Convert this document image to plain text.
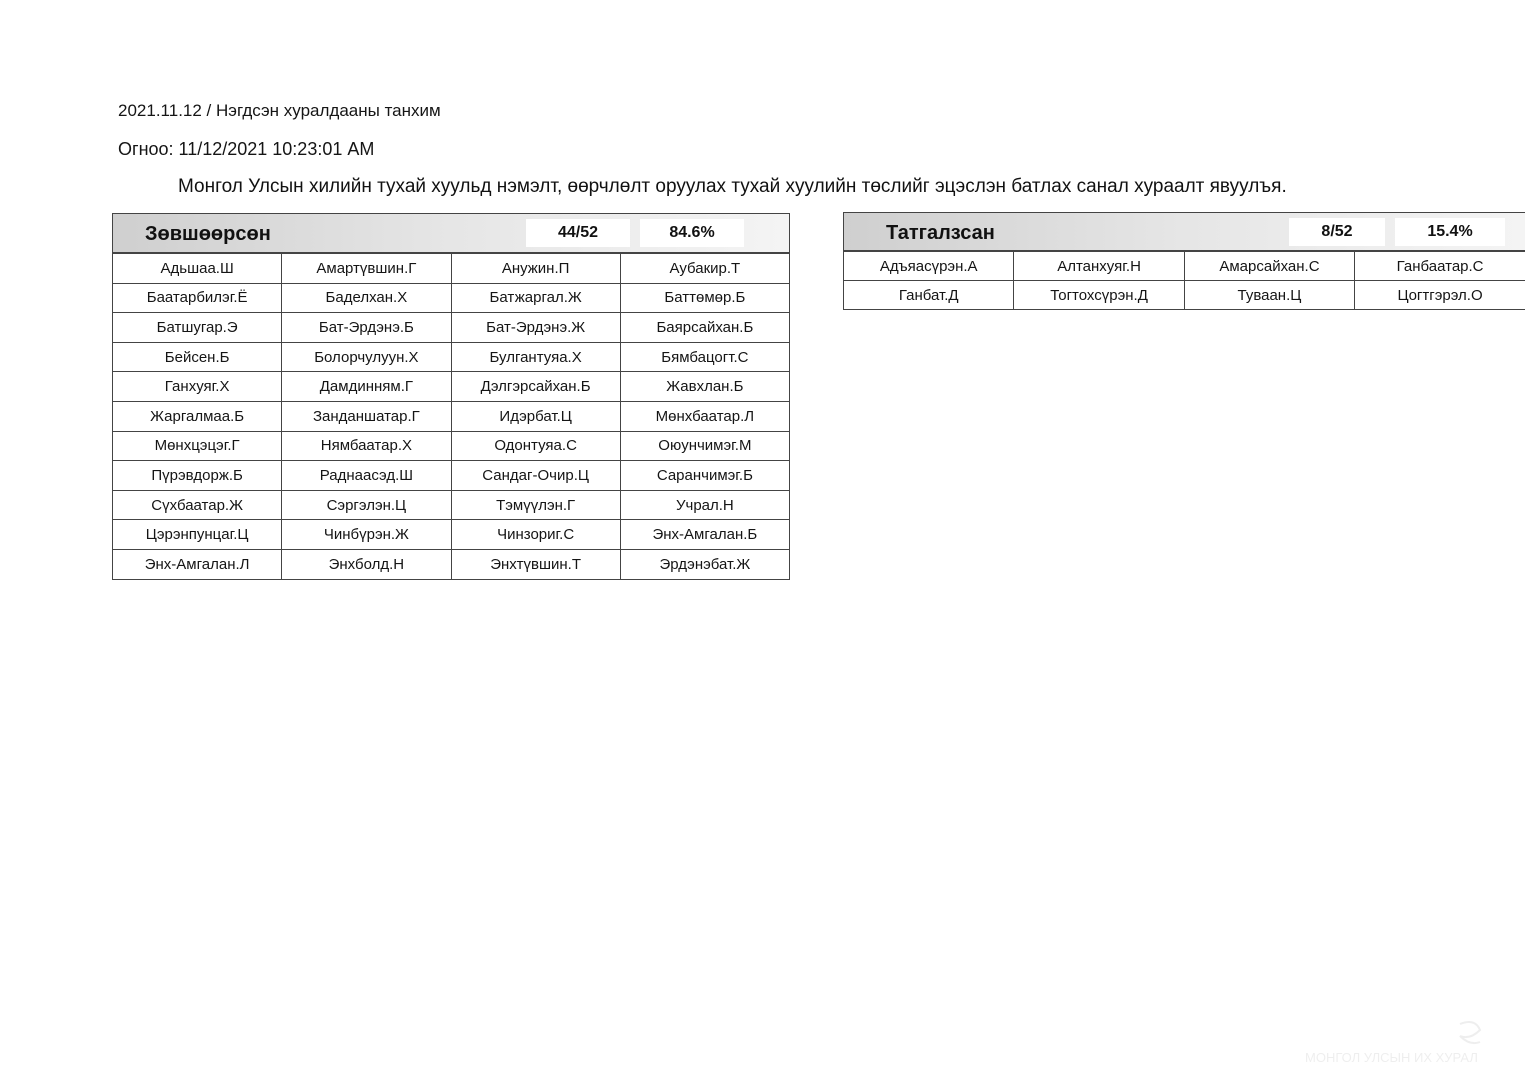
2021.11.12 / Нэгдсэн хуралдааны танхим
Огноо: 11/12/2021 10:23:01 AM
Монгол Улсын хилийн тухай хуульд нэмэлт, өөрчлөлт оруулах тухай хуулийн төслийг эцэслэн батлах санал хураалт явуулъя.
Зөвшөөрсөн	44/52	84.6%
Адьшаа.Ш	Амартүвшин.Г	Анужин.П	Аубакир.Т
Баатарбилэг.Ё	Баделхан.Х	Батжаргал.Ж	Баттөмөр.Б
Батшугар.Э	Бат-Эрдэнэ.Б	Бат-Эрдэнэ.Ж	Баярсайхан.Б
Бейсен.Б	Болорчулуун.Х	Булгантуяа.Х	Бямбацогт.С
Ганхуяг.Х	Дамдинням.Г	Дэлгэрсайхан.Б	Жавхлан.Б
Жаргалмаа.Б	Занданшатар.Г	Идэрбат.Ц	Мөнхбаатар.Л
Мөнхцэцэг.Г	Нямбаатар.Х	Одонтуяа.С	Оюунчимэг.М
Пүрэвдорж.Б	Раднаасэд.Ш	Сандаг-Очир.Ц	Саранчимэг.Б
Сүхбаатар.Ж	Сэргэлэн.Ц	Тэмүүлэн.Г	Учрал.Н
Цэрэнпунцаг.Ц	Чинбүрэн.Ж	Чинзориг.С	Энх-Амгалан.Б
Энх-Амгалан.Л	Энхболд.Н	Энхтүвшин.Т	Эрдэнэбат.Ж
Татгалзсан	8/52	15.4%
Адъяасүрэн.А	Алтанхуяг.Н	Амарсайхан.С	Ганбаатар.С
Ганбат.Д	Тогтохсүрэн.Д	Туваан.Ц	Цогтгэрэл.О
МОНГОЛ УЛСЫН ИХ ХУРАЛ
